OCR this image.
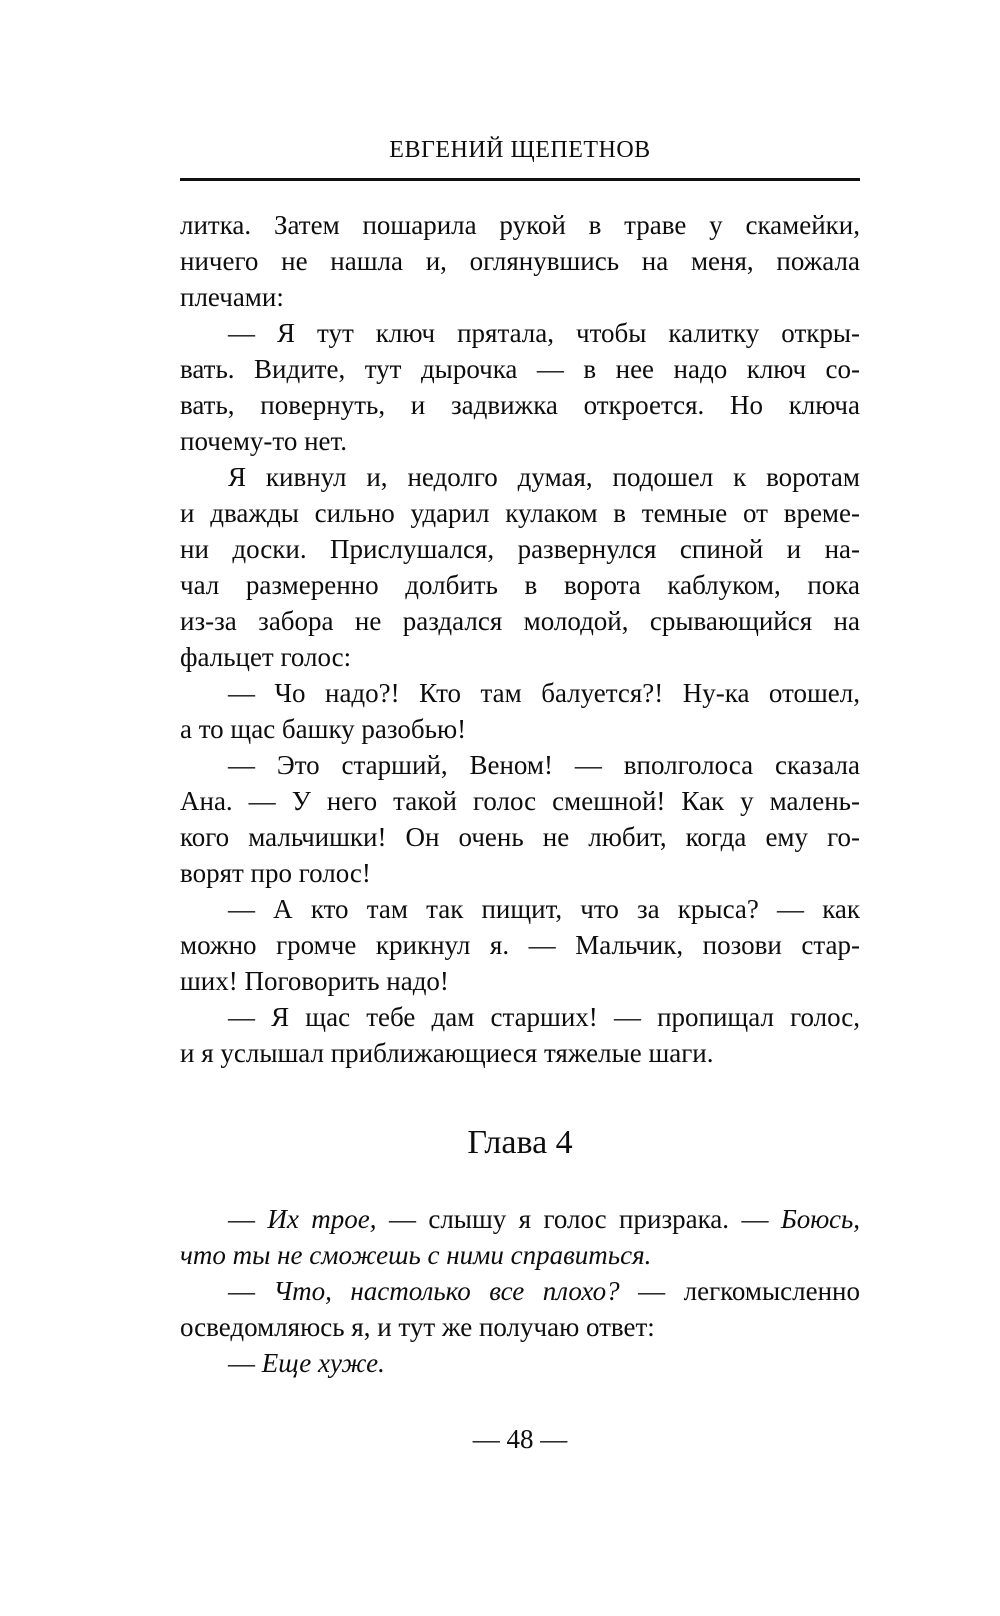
ЕВГЕНИЙ ЩЕПЕТНОВ
литка. Затем пошарила рукой в траве у скамейки,
ничего не нашла и, оглянувшись на меня, пожала
плечами:
— Я тут ключ прятала, чтобы калитку откры-
вать. Видите, тут дырочка — в нее надо ключ со-
вать, повернуть, и задвижка откроется. Но ключа
почему-то нет.
Я кивнул и, недолго думая, подошел к воротам
и дважды сильно ударил кулаком в темные от време-
ни доски. Прислушался, развернулся спиной и на-
чал размеренно долбить в ворота каблуком, пока
из-за забора не раздался молодой, срывающийся на
фальцет голос:
— Чо надо?! Кто там балуется?! Ну-ка отошел,
а то щас башку разобью!
— Это старший, Веном! — вполголоса сказала
Ана. — У него такой голос смешной! Как у малень-
кого мальчишки! Он очень не любит, когда ему го-
ворят про голос!
— А кто там так пищит, что за крыса? — как
можно громче крикнул я. — Мальчик, позови стар-
ших! Поговорить надо!
— Я щас тебе дам старших! — пропищал голос,
и я услышал приближающиеся тяжелые шаги.
Глава 4
— Их трое, — слышу я голос призрака. — Боюсь,
что ты не сможешь с ними справиться.
— Что, настолько все плохо? — легкомысленно
осведомляюсь я, и тут же получаю ответ:
— Еще хуже.
— 48 —
